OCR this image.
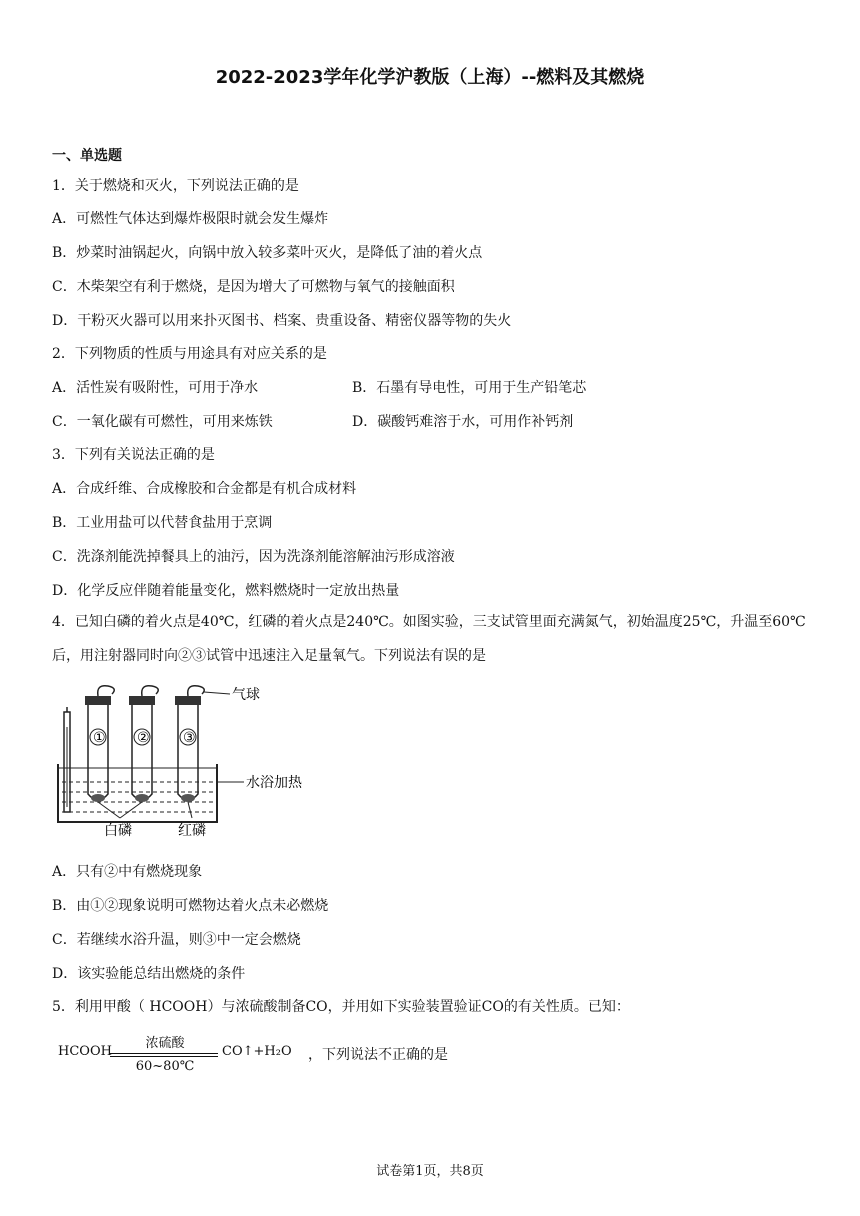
2022-2023学年化学沪教版（上海）--燃料及其燃烧
一、单选题
1．关于燃烧和灭火，下列说法正确的是
A．可燃性气体达到爆炸极限时就会发生爆炸
B．炒菜时油锅起火，向锅中放入较多菜叶灭火，是降低了油的着火点
C．木柴架空有利于燃烧，是因为增大了可燃物与氧气的接触面积
D．干粉灭火器可以用来扑灭图书、档案、贵重设备、精密仪器等物的失火
2．下列物质的性质与用途具有对应关系的是
A．活性炭有吸附性，可用于净水	B．石墨有导电性，可用于生产铅笔芯
C．一氧化碳有可燃性，可用来炼铁	D．碳酸钙难溶于水，可用作补钙剂
3．下列有关说法正确的是
A．合成纤维、合成橡胶和合金都是有机合成材料
B．工业用盐可以代替食盐用于烹调
C．洗涤剂能洗掉餐具上的油污，因为洗涤剂能溶解油污形成溶液
D．化学反应伴随着能量变化，燃料燃烧时一定放出热量
4．已知白磷的着火点是40℃，红磷的着火点是240℃。如图实验，三支试管里面充满氮气，初始温度25℃，升温至60℃后，用注射器同时向②③试管中迅速注入足量氧气。下列说法有误的是
① ② ③
气球
水浴加热
白磷	红磷
A．只有②中有燃烧现象
B．由①②现象说明可燃物达着火点未必燃烧
C．若继续水浴升温，则③中一定会燃烧
D．该实验能总结出燃烧的条件
5．利用甲酸（ HCOOH）与浓硫酸制备CO，并用如下实验装置验证CO的有关性质。已知：
HCOOH
浓硫酸
60~80℃
CO↑+H₂O ，下列说法不正确的是
试卷第1页，共8页
